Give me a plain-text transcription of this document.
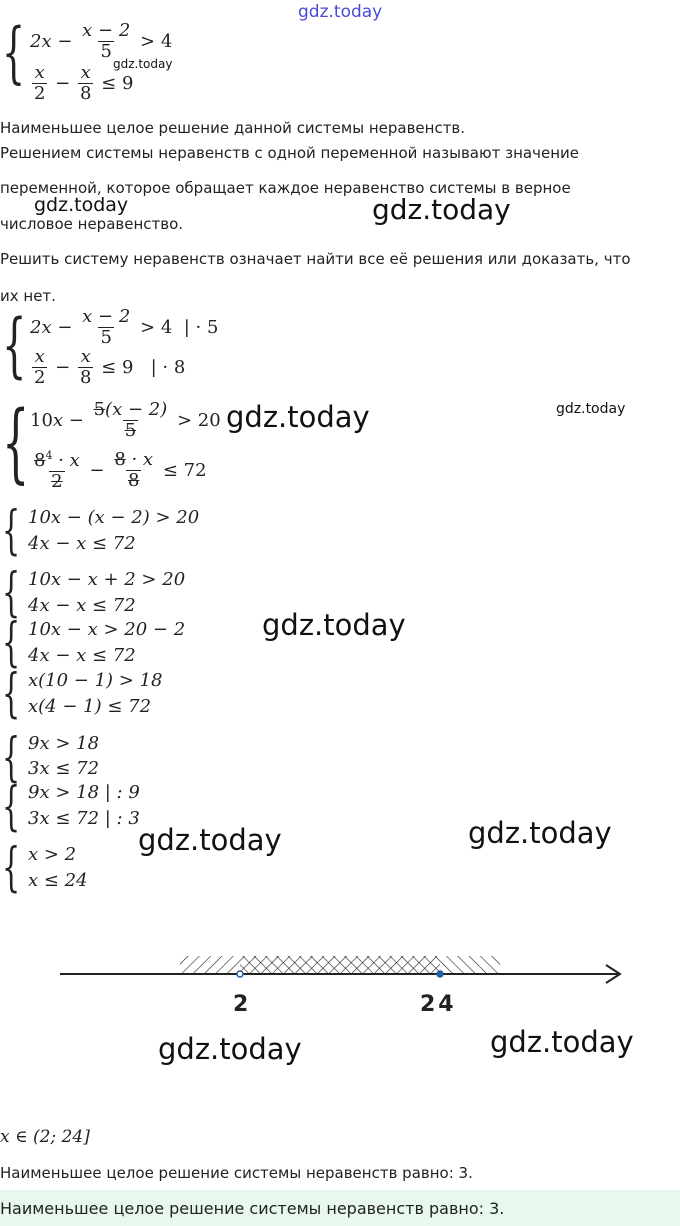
gdz.today
{ $2x - \frac{x - 2}{5} > 4$
gdz.today
$\frac{x}{2} - \frac{x}{8} \le 9$
Наименьшее целое решение данной системы неравенств.
Решением системы неравенств с одной переменной называют значение
переменной, которое обращает каждое неравенство системы в верное
gdz.today	gdz.today
числовое неравенство.
Решить систему неравенств означает найти все её решения или доказать, что
их нет.
{ $2x - \frac{x - 2}{5} > 4$  | · 5
$\frac{x}{2} - \frac{x}{8} \le 9$   | · 8
{ $10x - \frac{5(x - 2)}{5} > 20$ gdz.today	gdz.today
$\frac{8^4 \cdot x}{2} - \frac{8 \cdot x}{8} \le 72$
{ 10x − (x − 2) > 20
4x − x ≤ 72
{
{
{
10x − x + 2 > 20
4x − x ≤ 72
10x − x > 20 − 2
4x − x ≤ 72
x(10 − 1) > 18
x(4 − 1) ≤ 72
gdz.today
{
{
9x > 18
3x ≤ 72
9x > 18 | : 9
3x ≤ 72 | : 3
gdz.today	gdz.today
{ x > 2
x ≤ 24
2	24
gdz.today	gdz.today
x ∈ (2; 24]
Наименьшее целое решение системы неравенств равно: 3.
Наименьшее целое решение системы неравенств равно: 3.
